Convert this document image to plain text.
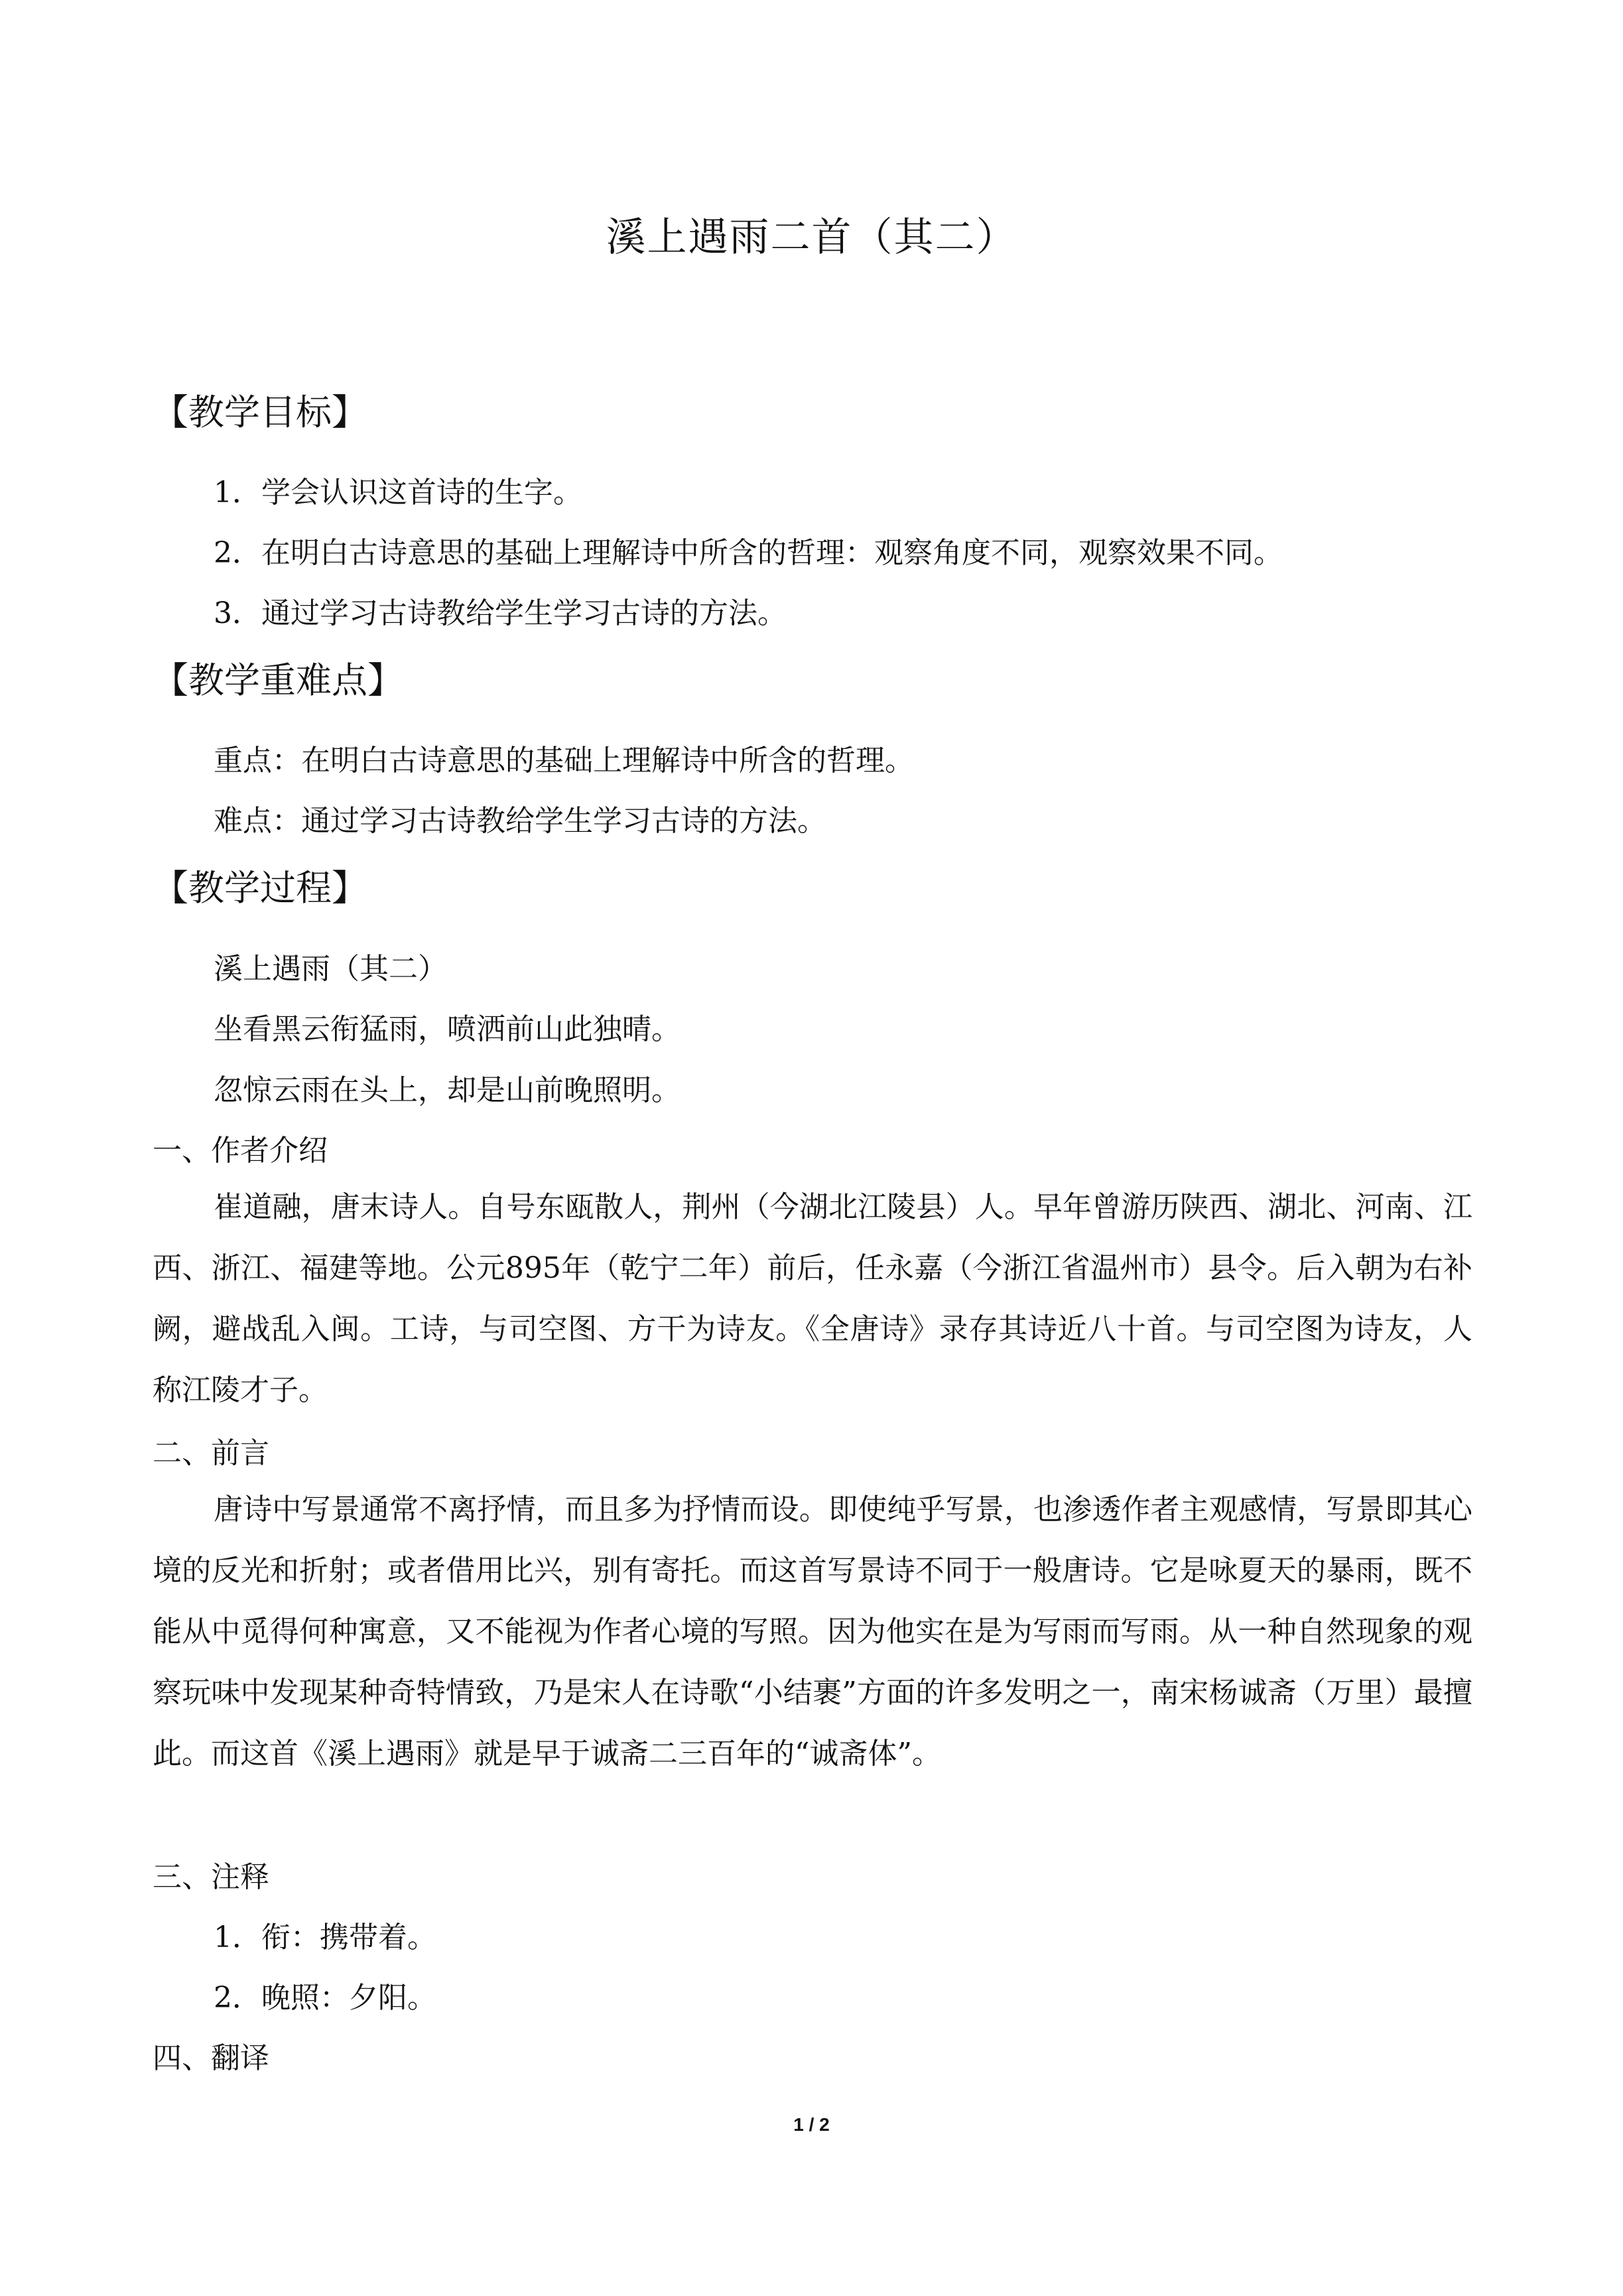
溪上遇雨二首（其二）
【教学目标】
1．学会认识这首诗的生字。
2．在明白古诗意思的基础上理解诗中所含的哲理：观察角度不同，观察效果不同。
3．通过学习古诗教给学生学习古诗的方法。
【教学重难点】
重点：在明白古诗意思的基础上理解诗中所含的哲理。
难点：通过学习古诗教给学生学习古诗的方法。
【教学过程】
溪上遇雨（其二）
坐看黑云衔猛雨，喷洒前山此独晴。
忽惊云雨在头上，却是山前晚照明。
一、作者介绍
崔道融，唐末诗人。自号东瓯散人，荆州（今湖北江陵县）人。早年曾游历陕西、湖北、河南、江西、浙江、福建等地。公元895年（乾宁二年）前后，任永嘉（今浙江省温州市）县令。后入朝为右补阙，避战乱入闽。工诗，与司空图、方干为诗友。《全唐诗》录存其诗近八十首。与司空图为诗友，人称江陵才子。
二、前言
唐诗中写景通常不离抒情，而且多为抒情而设。即使纯乎写景，也渗透作者主观感情，写景即其心境的反光和折射；或者借用比兴，别有寄托。而这首写景诗不同于一般唐诗。它是咏夏天的暴雨，既不能从中觅得何种寓意，又不能视为作者心境的写照。因为他实在是为写雨而写雨。从一种自然现象的观察玩味中发现某种奇特情致，乃是宋人在诗歌“小结裹”方面的许多发明之一，南宋杨诚斋（万里）最擅此。而这首《溪上遇雨》就是早于诚斋二三百年的“诚斋体”。
三、注释
1．衔：携带着。
2．晚照：夕阳。
四、翻译
1 / 2
